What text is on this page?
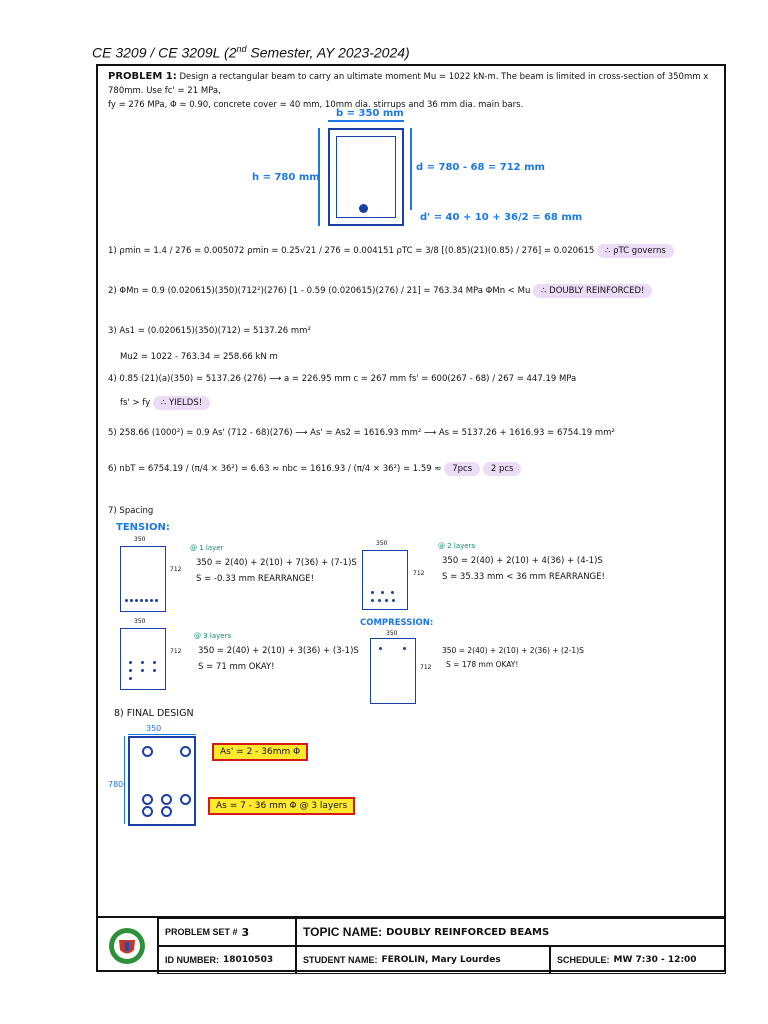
CE 3209 / CE 3209L (2nd Semester, AY 2023-2024)
PROBLEM 1: Design a rectangular beam to carry an ultimate moment Mu = 1022 kN-m. The beam is limited in cross-section of 350mm x 780mm. Use fc' = 21 MPa,
fy = 276 MPa, Φ = 0.90, concrete cover = 40 mm, 10mm dia. stirrups and 36 mm dia. main bars.
b = 350 mm
h = 780 mm
d = 780 - 68 = 712 mm
d' = 40 + 10 + 36/2 = 68 mm
1) ρmin = 1.4 / 276 = 0.005072 ρmin = 0.25√21 / 276 = 0.004151 ρTC = 3/8 [(0.85)(21)(0.85) / 276] = 0.020615 ∴ ρTC governs
2) ΦMn = 0.9 (0.020615)(350)(712²)(276) [1 - 0.59 (0.020615)(276) / 21] = 763.34 MPa ΦMn < Mu ∴ DOUBLY REINFORCED!
3) As1 = (0.020615)(350)(712) = 5137.26 mm²
Mu2 = 1022 - 763.34 = 258.66 kN m
4) 0.85 (21)(a)(350) = 5137.26 (276) ⟶ a = 226.95 mm c = 267 mm fs' = 600(267 - 68) / 267 = 447.19 MPa
fs' > fy ∴ YIELDS!
5) 258.66 (1000²) = 0.9 As' (712 - 68)(276) ⟶ As' = As2 = 1616.93 mm² ⟶ As = 5137.26 + 1616.93 = 6754.19 mm²
6) nbT = 6754.19 / (π/4 × 36²) = 6.63 ≈ nbc = 1616.93 / (π/4 × 36²) = 1.59 ≈ 7pcs 2 pcs
7) Spacing
TENSION:
350
712
@ 1 layer
350 = 2(40) + 2(10) + 7(36) + (7-1)S
S = -0.33 mm REARRANGE!
350
712
@ 2 layers
350 = 2(40) + 2(10) + 4(36) + (4-1)S
S = 35.33 mm < 36 mm REARRANGE!
350
712
@ 3 layers
350 = 2(40) + 2(10) + 3(36) + (3-1)S
S = 71 mm OKAY!
COMPRESSION:
350
712
350 = 2(40) + 2(10) + 2(36) + (2-1)S
S = 178 mm OKAY!
8) FINAL DESIGN
350
780
As' = 2 - 36mm Φ
As = 7 - 36 mm Φ @ 3 layers
PROBLEM SET # 3	TOPIC NAME: DOUBLY REINFORCED BEAMS
ID NUMBER: 18010503	STUDENT NAME: FEROLIN, Mary Lourdes	SCHEDULE: MW 7:30 - 12:00
